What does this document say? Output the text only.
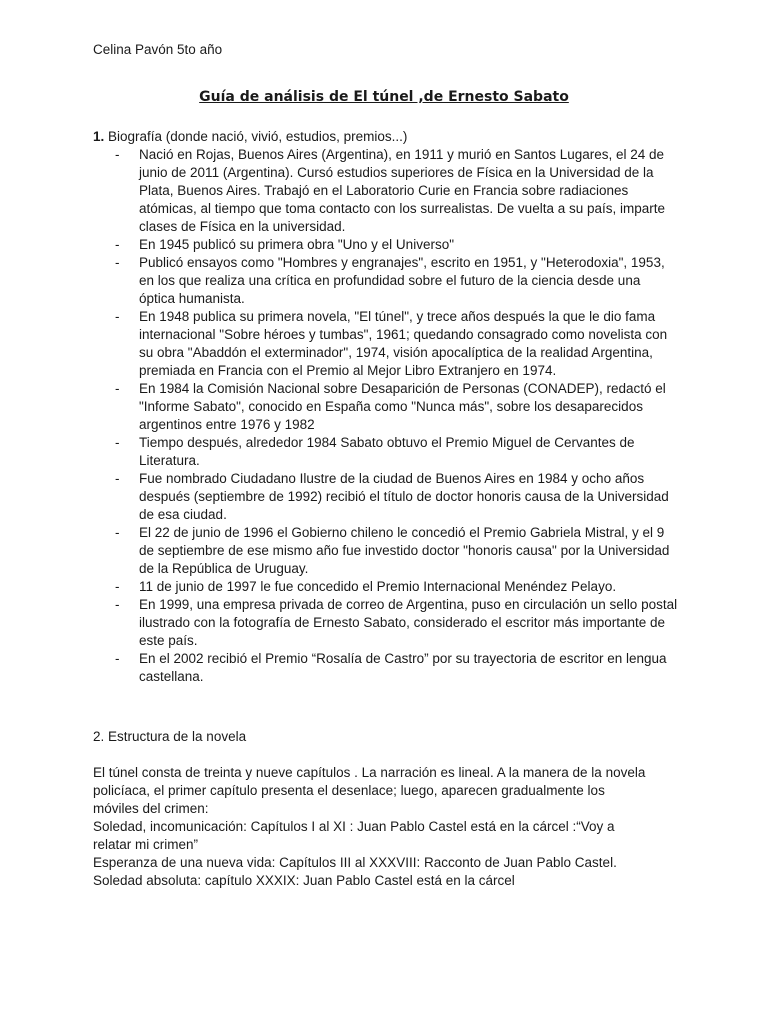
Celina Pavón 5to año
Guía de análisis de El túnel ,de Ernesto Sabato
1. Biografía (donde nació, vivió, estudios, premios...)
- Nació en Rojas, Buenos Aires (Argentina), en 1911 y murió en Santos Lugares, el 24 de junio de 2011 (Argentina). Cursó estudios superiores de Física en la Universidad de la Plata, Buenos Aires. Trabajó en el Laboratorio Curie en Francia sobre radiaciones atómicas, al tiempo que toma contacto con los surrealistas. De vuelta a su país, imparte clases de Física en la universidad.
- En 1945 publicó su primera obra "Uno y el Universo"
- Publicó ensayos como "Hombres y engranajes", escrito en 1951, y "Heterodoxia", 1953, en los que realiza una crítica en profundidad sobre el futuro de la ciencia desde una óptica humanista.
- En 1948 publica su primera novela, "El túnel", y trece años después la que le dio fama internacional "Sobre héroes y tumbas", 1961; quedando consagrado como novelista con su obra "Abaddón el exterminador", 1974, visión apocalíptica de la realidad Argentina, premiada en Francia con el Premio al Mejor Libro Extranjero en 1974.
- En 1984 la Comisión Nacional sobre Desaparición de Personas (CONADEP), redactó el "Informe Sabato", conocido en España como "Nunca más", sobre los desaparecidos argentinos entre 1976 y 1982
- Tiempo después, alrededor 1984 Sabato obtuvo el Premio Miguel de Cervantes de Literatura.
- Fue nombrado Ciudadano Ilustre de la ciudad de Buenos Aires en 1984 y ocho años después (septiembre de 1992) recibió el título de doctor honoris causa de la Universidad de esa ciudad.
- El 22 de junio de 1996 el Gobierno chileno le concedió el Premio Gabriela Mistral, y el 9 de septiembre de ese mismo año fue investido doctor "honoris causa" por la Universidad de la República de Uruguay.
- 11 de junio de 1997 le fue concedido el Premio Internacional Menéndez Pelayo.
- En 1999, una empresa privada de correo de Argentina, puso en circulación un sello postal ilustrado con la fotografía de Ernesto Sabato, considerado el escritor más importante de este país.
- En el 2002 recibió el Premio “Rosalía de Castro” por su trayectoria de escritor en lengua castellana.
2. Estructura de la novela

El túnel consta de treinta y nueve capítulos . La narración es lineal. A la manera de la novela policíaca, el primer capítulo presenta el desenlace; luego, aparecen gradualmente los móviles del crimen:

Soledad, incomunicación: Capítulos I al XI : Juan Pablo Castel está en la cárcel :“Voy a relatar mi crimen”

Esperanza de una nueva vida: Capítulos III al XXXVIII: Racconto de Juan Pablo Castel.

Soledad absoluta: capítulo XXXIX: Juan Pablo Castel está en la cárcel
